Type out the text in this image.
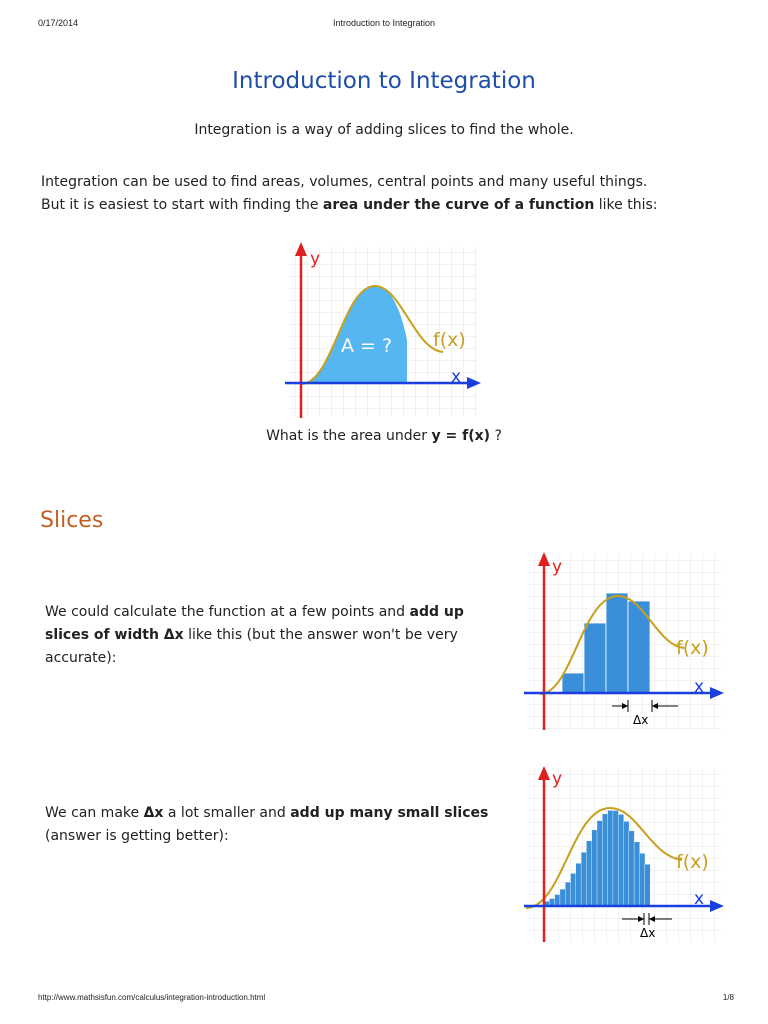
0/17/2014	Introduction to Integration
Introduction to Integration
Integration is a way of adding slices to find the whole.
Integration can be used to find areas, volumes, central points and many useful things.
But it is easiest to start with finding the area under the curve of a function like this:
y
x
f(x)
A = ?
What is the area under y = f(x) ?
Slices
We could calculate the function at a few points and add up slices of width Δx like this (but the answer won't be very accurate):
We can make Δx a lot smaller and add up many small slices (answer is getting better):
y
x
f(x)
Δx
y
x
f(x)
Δx
http://www.mathsisfun.com/calculus/integration-introduction.html	1/8
